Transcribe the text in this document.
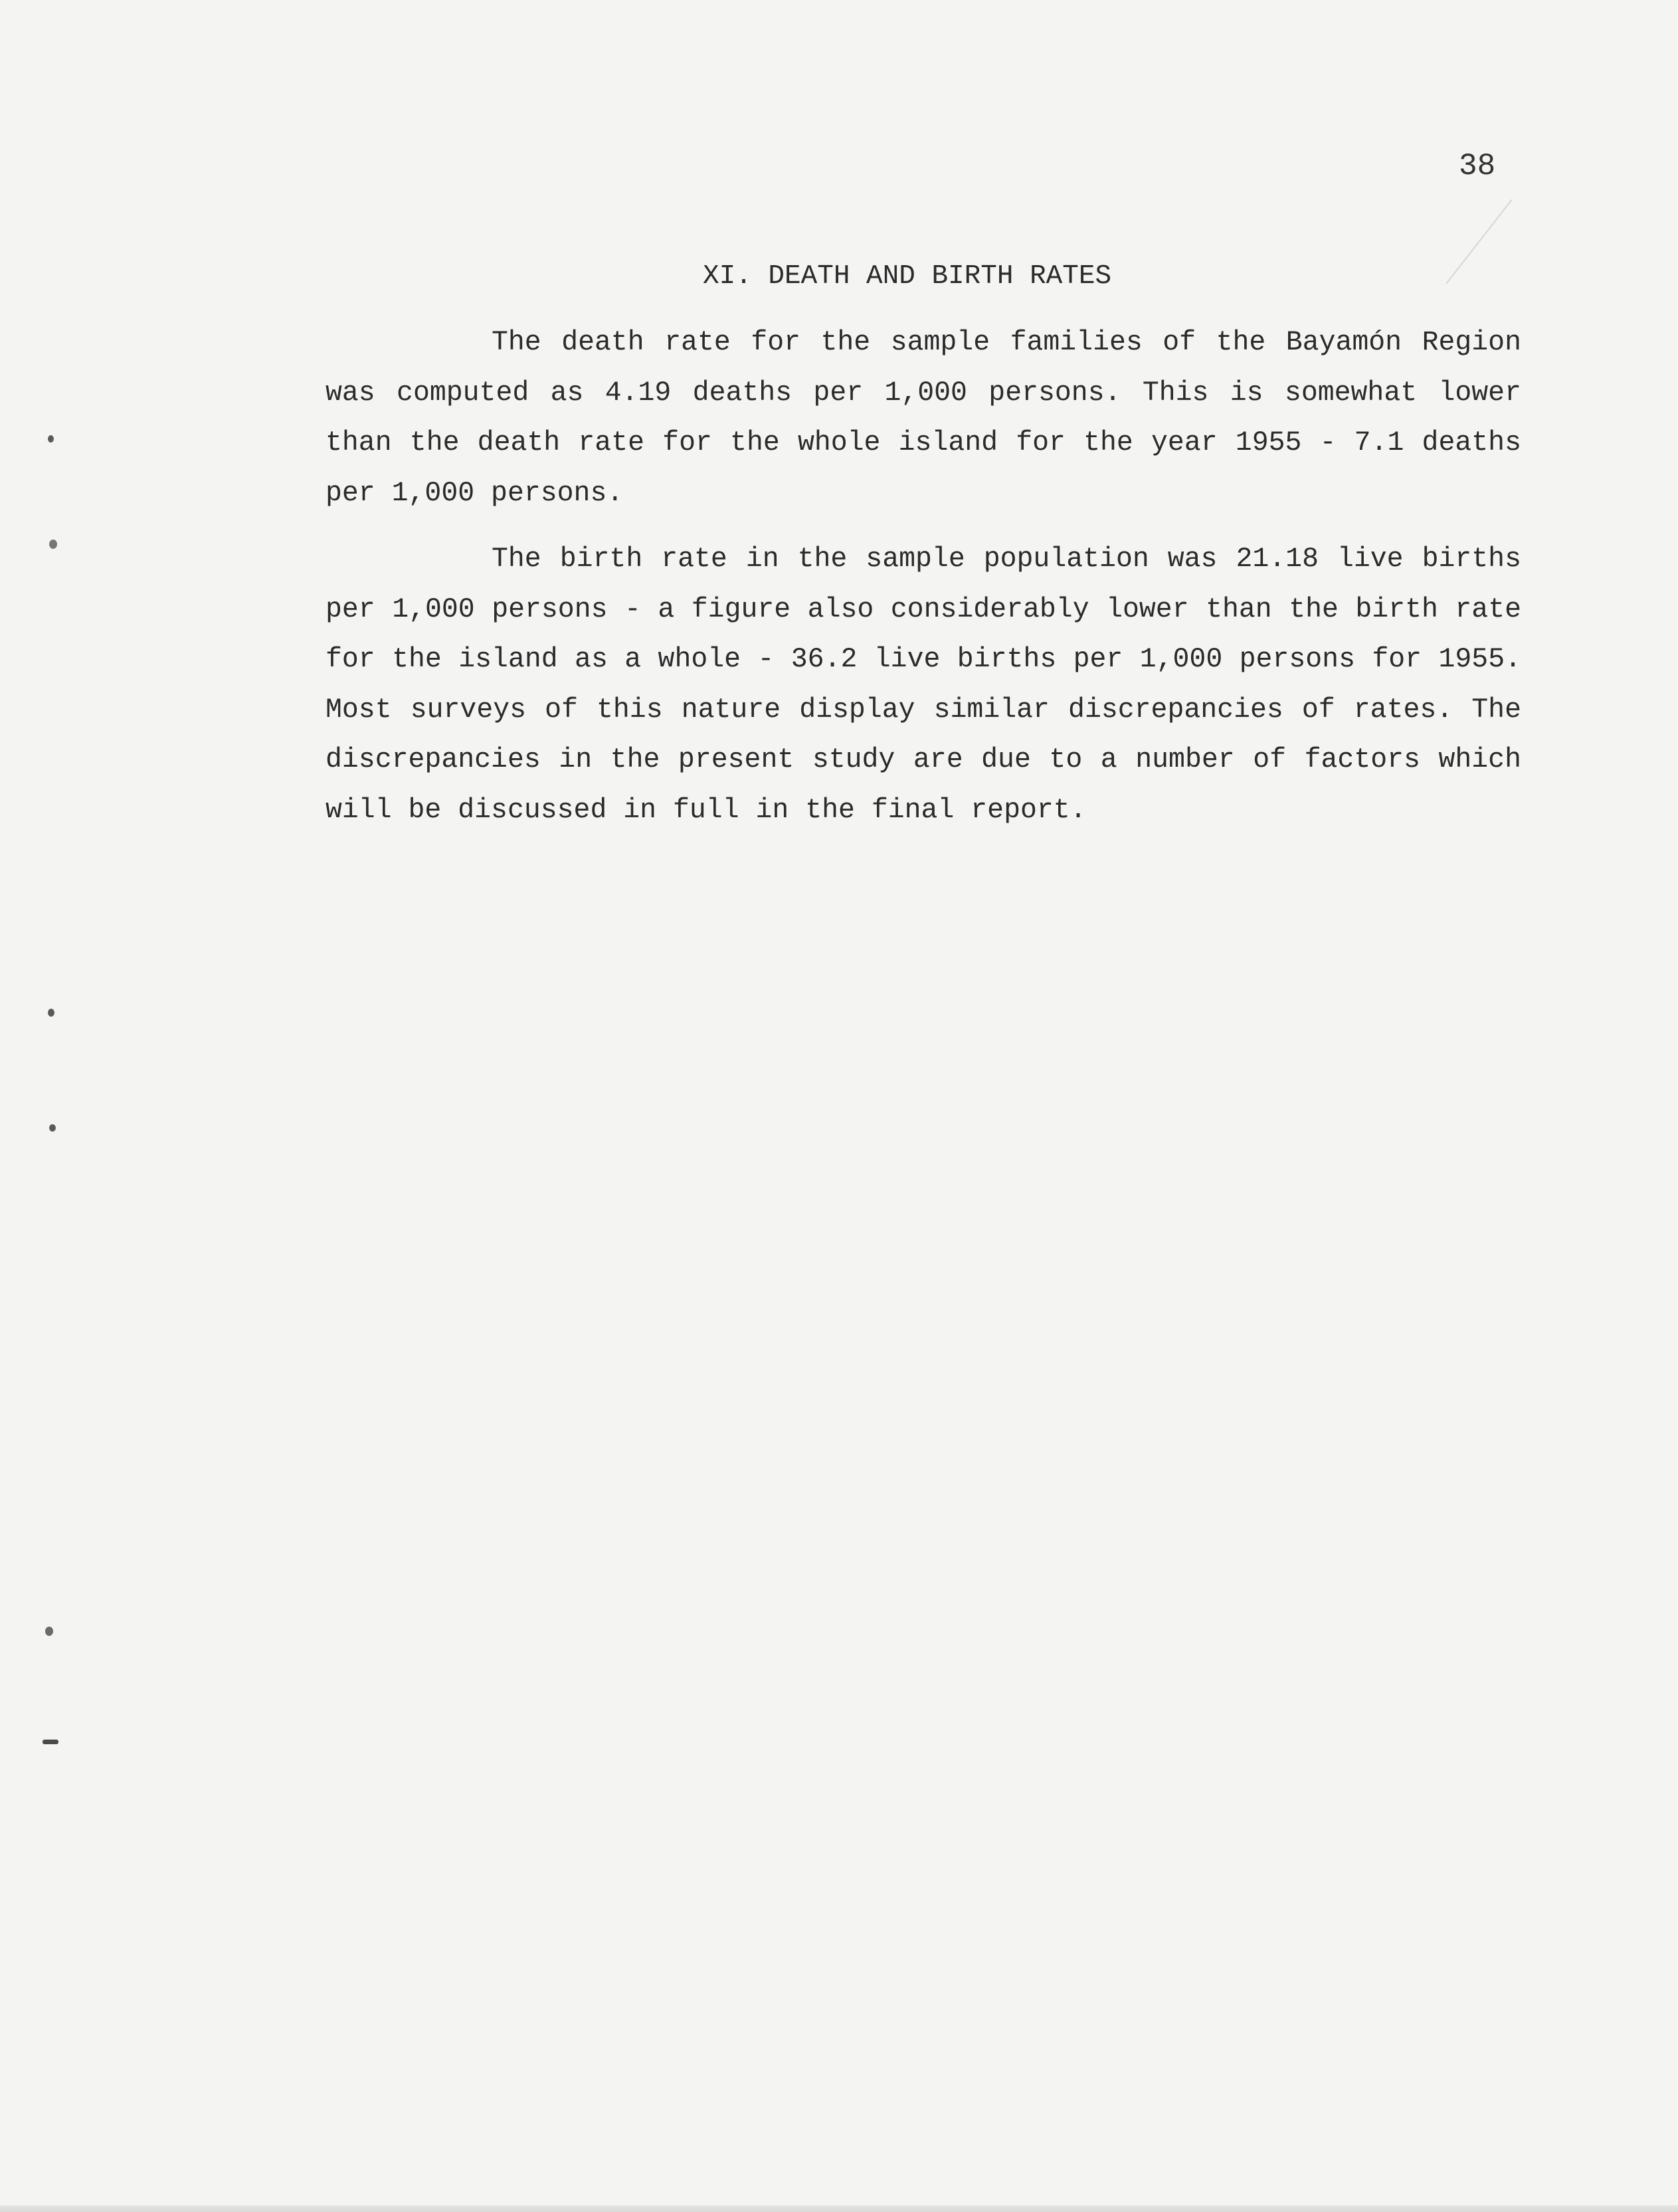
38
XI. DEATH AND BIRTH RATES

The death rate for the sample families of the Bayamón Region was computed as 4.19 deaths per 1,000 persons. This is somewhat lower than the death rate for the whole island for the year 1955 - 7.1 deaths per 1,000 persons.

The birth rate in the sample population was 21.18 live births per 1,000 persons - a figure also considerably lower than the birth rate for the island as a whole - 36.2 live births per 1,000 persons for 1955. Most surveys of this nature display similar discrepancies of rates. The discrepancies in the present study are due to a number of factors which will be discussed in full in the final report.
